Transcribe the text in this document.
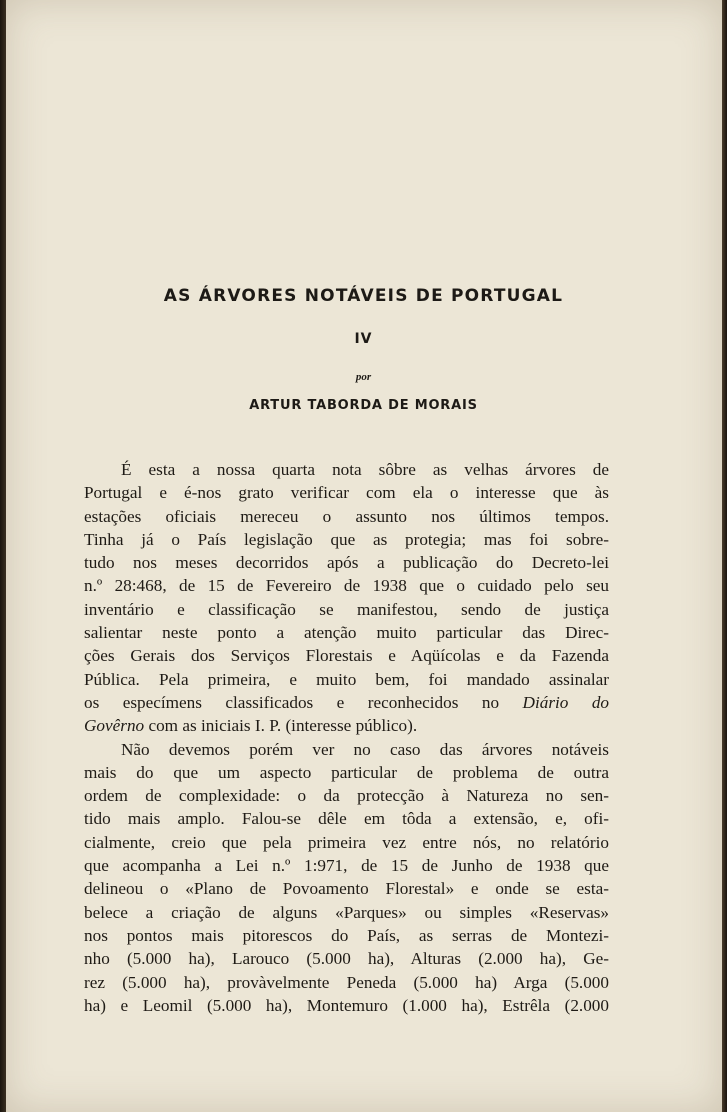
AS ÁRVORES NOTÁVEIS DE PORTUGAL
IV
por
ARTUR TABORDA DE MORAIS
É esta a nossa quarta nota sôbre as velhas árvores de
Portugal e é-nos grato verificar com ela o interesse que às
estações oficiais mereceu o assunto nos últimos tempos.
Tinha já o País legislação que as protegia; mas foi sobre-
tudo nos meses decorridos após a publicação do Decreto-lei
n.º 28:468, de 15 de Fevereiro de 1938 que o cuidado pelo seu
inventário e classificação se manifestou, sendo de justiça
salientar neste ponto a atenção muito particular das Direc-
ções Gerais dos Serviços Florestais e Aqüícolas e da Fazenda
Pública. Pela primeira, e muito bem, foi mandado assinalar
os especímens classificados e reconhecidos no Diário do
Govêrno com as iniciais I. P. (interesse público).
Não devemos porém ver no caso das árvores notáveis
mais do que um aspecto particular de problema de outra
ordem de complexidade: o da protecção à Natureza no sen-
tido mais amplo. Falou-se dêle em tôda a extensão, e, ofi-
cialmente, creio que pela primeira vez entre nós, no relatório
que acompanha a Lei n.º 1:971, de 15 de Junho de 1938 que
delineou o «Plano de Povoamento Florestal» e onde se esta-
belece a criação de alguns «Parques» ou simples «Reservas»
nos pontos mais pitorescos do País, as serras de Montezi-
nho (5.000 ha), Larouco (5.000 ha), Alturas (2.000 ha), Ge-
rez (5.000 ha), provàvelmente Peneda (5.000 ha) Arga (5.000
ha) e Leomil (5.000 ha), Montemuro (1.000 ha), Estrêla (2.000
